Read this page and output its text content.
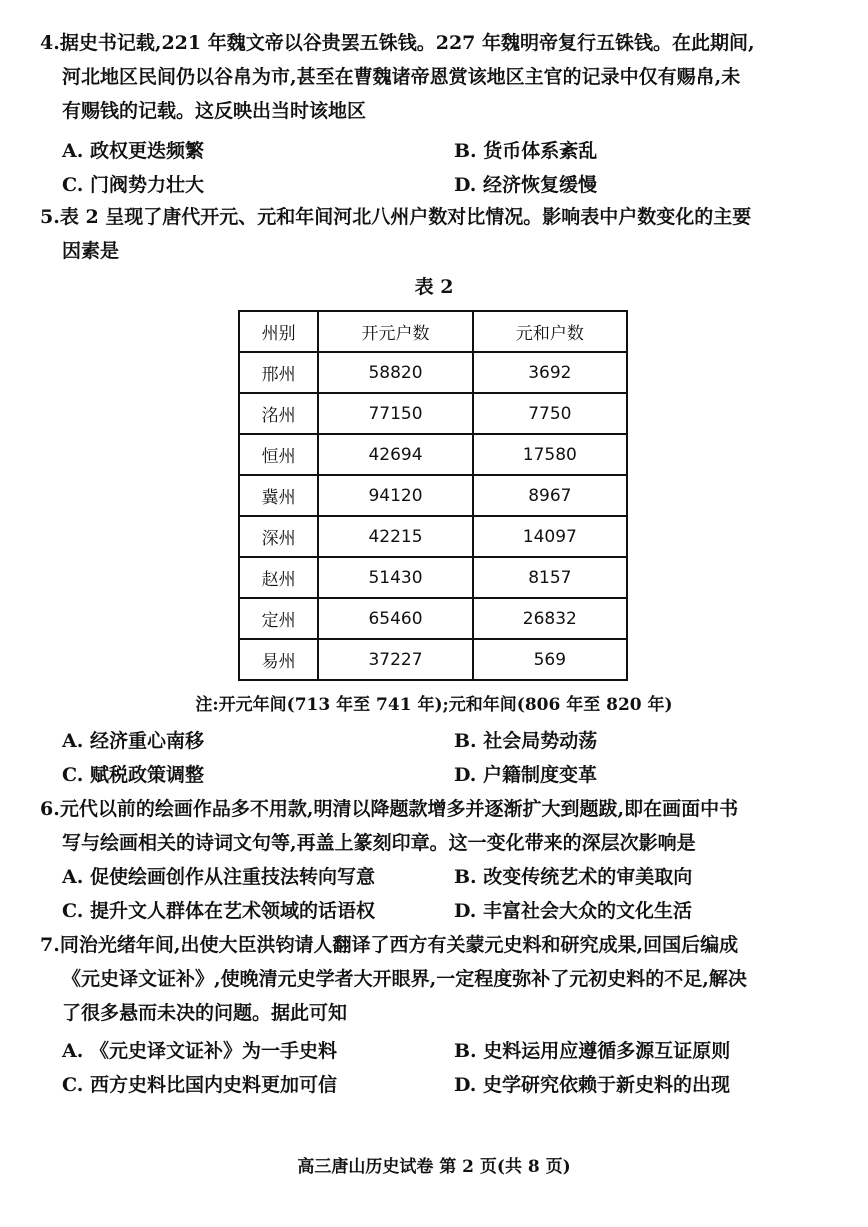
4.据史书记载,221 年魏文帝以谷贵罢五铢钱。227 年魏明帝复行五铢钱。在此期间,
河北地区民间仍以谷帛为市,甚至在曹魏诸帝恩赏该地区主官的记录中仅有赐帛,未
有赐钱的记载。这反映出当时该地区
A. 政权更迭频繁	B. 货币体系紊乱
C. 门阀势力壮大	D. 经济恢复缓慢
5.表 2 呈现了唐代开元、元和年间河北八州户数对比情况。影响表中户数变化的主要
因素是
表 2
州别	开元户数	元和户数
邢州	58820	3692
洺州	77150	7750
恒州	42694	17580
冀州	94120	8967
深州	42215	14097
赵州	51430	8157
定州	65460	26832
易州	37227	569
注:开元年间(713 年至 741 年);元和年间(806 年至 820 年)
A. 经济重心南移	B. 社会局势动荡
C. 赋税政策调整	D. 户籍制度变革
6.元代以前的绘画作品多不用款,明清以降题款增多并逐渐扩大到题跋,即在画面中书
写与绘画相关的诗词文句等,再盖上篆刻印章。这一变化带来的深层次影响是
A. 促使绘画创作从注重技法转向写意	B. 改变传统艺术的审美取向
C. 提升文人群体在艺术领域的话语权	D. 丰富社会大众的文化生活
7.同治光绪年间,出使大臣洪钧请人翻译了西方有关蒙元史料和研究成果,回国后编成
《元史译文证补》,使晚清元史学者大开眼界,一定程度弥补了元初史料的不足,解决
了很多悬而未决的问题。据此可知
A. 《元史译文证补》为一手史料	B. 史料运用应遵循多源互证原则
C. 西方史料比国内史料更加可信	D. 史学研究依赖于新史料的出现
高三唐山历史试卷 第 2 页(共 8 页)
